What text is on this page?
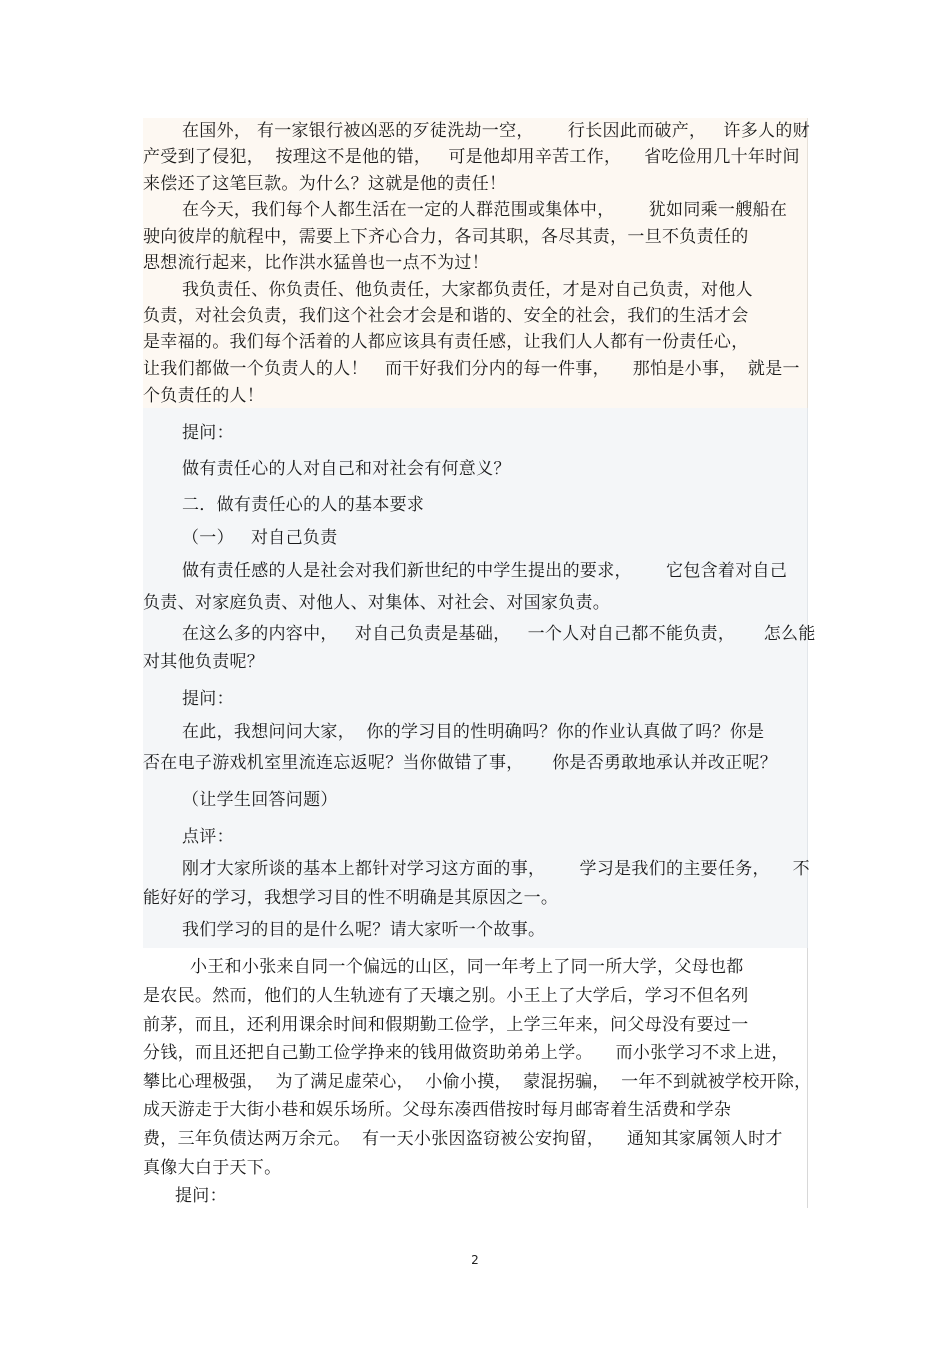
在国外， 有一家银行被凶恶的歹徒洗劫一空，      行长因此而破产，   许多人的财
产受到了侵犯，  按理这不是他的错，   可是他却用辛苦工作，    省吃俭用几十年时间
来偿还了这笔巨款。为什么？这就是他的责任！
在今天，我们每个人都生活在一定的人群范围或集体中，      犹如同乘一艘船在
驶向彼岸的航程中，需要上下齐心合力，各司其职，各尽其责，一旦不负责任的
思想流行起来，比作洪水猛兽也一点不为过！
我负责任、你负责任、他负责任，大家都负责任，才是对自己负责，对他人
负责，对社会负责，我们这个社会才会是和谐的、安全的社会，我们的生活才会
是幸福的。我们每个活着的人都应该具有责任感，让我们人人都有一份责任心，
让我们都做一个负责人的人！   而干好我们分内的每一件事，    那怕是小事，  就是一
个负责任的人！
提问：
做有责任心的人对自己和对社会有何意义？
二．做有责任心的人的基本要求
（一）   对自己负责
做有责任感的人是社会对我们新世纪的中学生提出的要求，      它包含着对自己
负责、对家庭负责、对他人、对集体、对社会、对国家负责。
在这么多的内容中，   对自己负责是基础，   一个人对自己都不能负责，     怎么能
对其他负责呢？
提问：
在此，我想问问大家，  你的学习目的性明确吗？你的作业认真做了吗？你是
否在电子游戏机室里流连忘返呢？当你做错了事，     你是否勇敢地承认并改正呢？
（让学生回答问题）
点评：
刚才大家所谈的基本上都针对学习这方面的事，      学习是我们的主要任务，    不
能好好的学习，我想学习目的性不明确是其原因之一。
我们学习的目的是什么呢？请大家听一个故事。
小王和小张来自同一个偏远的山区，同一年考上了同一所大学，父母也都
是农民。然而，他们的人生轨迹有了天壤之别。小王上了大学后，学习不但名列
前茅，而且，还利用课余时间和假期勤工俭学，上学三年来，问父母没有要过一
分钱，而且还把自己勤工俭学挣来的钱用做资助弟弟上学。    而小张学习不求上进，
攀比心理极强，  为了满足虚荣心，  小偷小摸，  蒙混拐骗，  一年不到就被学校开除，
成天游走于大街小巷和娱乐场所。父母东凑西借按时每月邮寄着生活费和学杂
费，三年负债达两万余元。  有一天小张因盗窃被公安拘留，    通知其家属领人时才
真像大白于天下。
提问：
2
